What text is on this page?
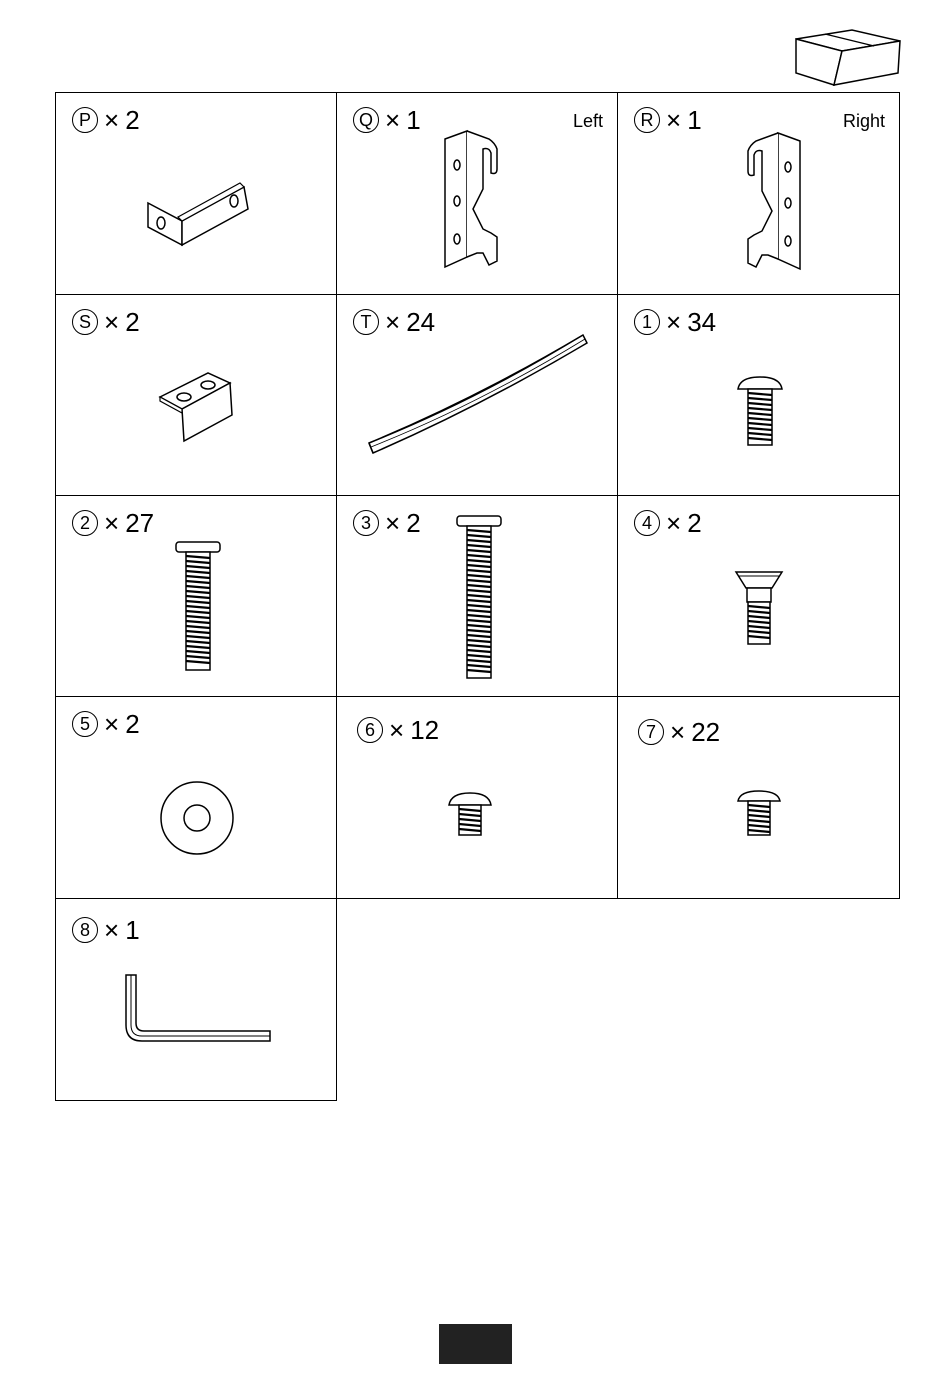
P × 2	Q × 1	Left	R × 1	Right
S × 2	T × 24	1 × 34
2 × 27	3 × 2	4 × 2
5 × 2	6 × 12	7 × 22
8 × 1
